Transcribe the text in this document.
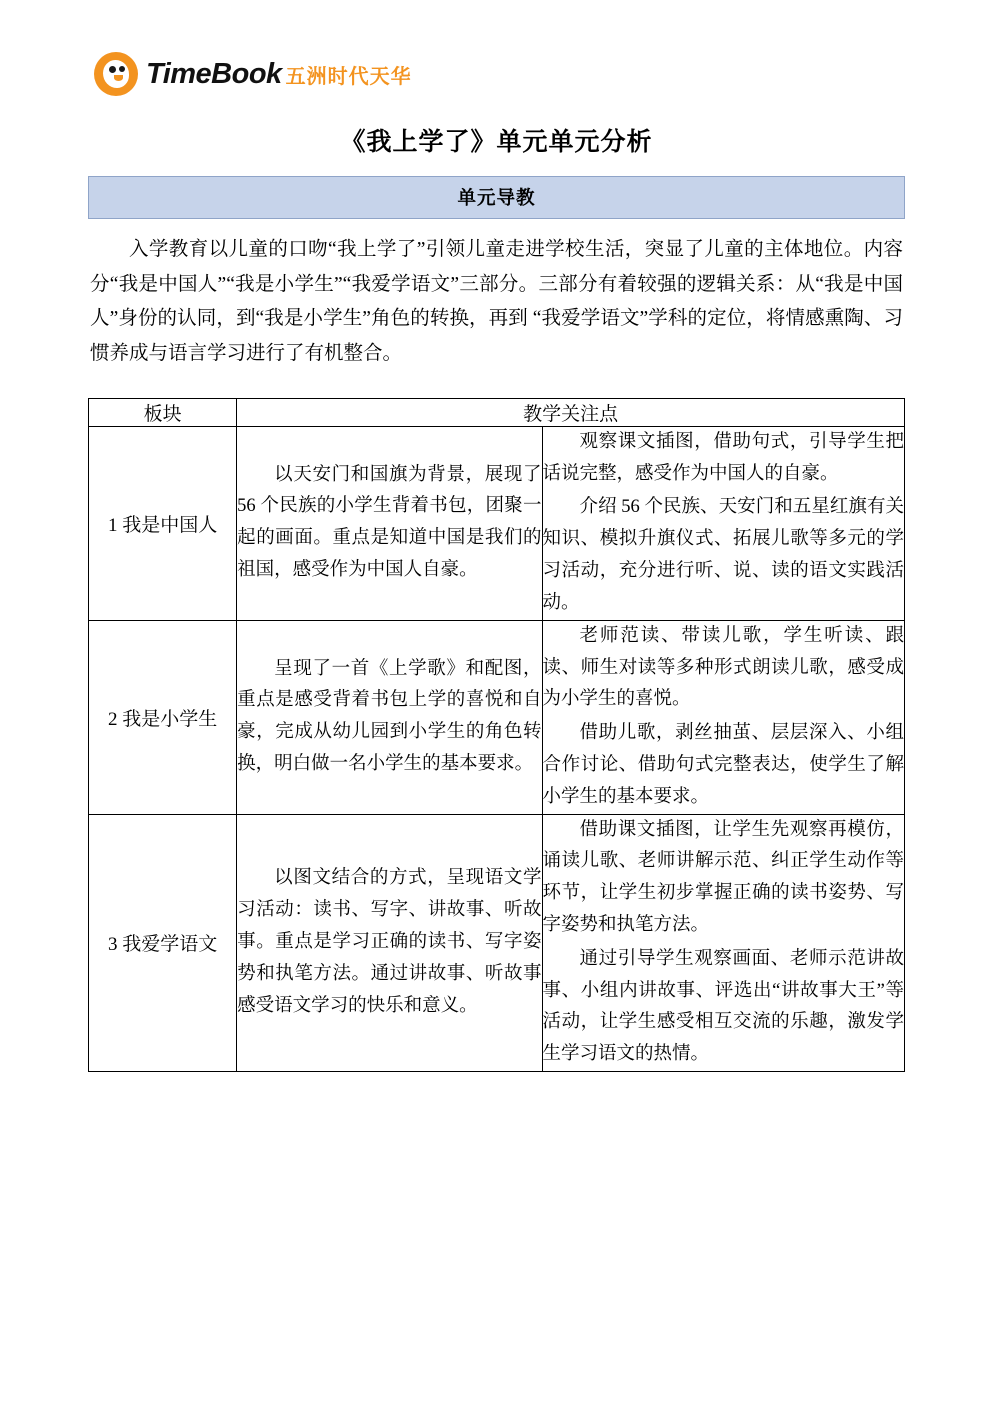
TimeBook 五洲时代天华
《我上学了》单元单元分析
单元导教
入学教育以儿童的口吻“我上学了”引领儿童走进学校生活，突显了儿童的主体地位。内容分“我是中国人”“我是小学生”“我爱学语文”三部分。三部分有着较强的逻辑关系：从“我是中国人”身份的认同，到“我是小学生”角色的转换，再到 “我爱学语文”学科的定位，将情感熏陶、习惯养成与语言学习进行了有机整合。
板块	教学关注点	
1 我是中国人	以天安门和国旗为背景，展现了 56 个民族的小学生背着书包，团聚一起的画面。重点是知道中国是我们的祖国，感受作为中国人自豪。	观察课文插图，借助句式，引导学生把话说完整，感受作为中国人的自豪。

介绍 56 个民族、天安门和五星红旗有关知识、模拟升旗仪式、拓展儿歌等多元的学习活动，充分进行听、说、读的语文实践活动。

2 我是小学生	呈现了一首《上学歌》和配图，重点是感受背着书包上学的喜悦和自豪，完成从幼儿园到小学生的角色转换，明白做一名小学生的基本要求。	老师范读、带读儿歌，学生听读、跟读、师生对读等多种形式朗读儿歌，感受成为小学生的喜悦。

借助儿歌，剥丝抽茧、层层深入、小组合作讨论、借助句式完整表达，使学生了解小学生的基本要求。

3 我爱学语文	以图文结合的方式，呈现语文学习活动：读书、写字、讲故事、听故事。重点是学习正确的读书、写字姿势和执笔方法。通过讲故事、听故事感受语文学习的快乐和意义。	借助课文插图，让学生先观察再模仿，诵读儿歌、老师讲解示范、纠正学生动作等环节，让学生初步掌握正确的读书姿势、写字姿势和执笔方法。

通过引导学生观察画面、老师示范讲故事、小组内讲故事、评选出“讲故事大王”等活动，让学生感受相互交流的乐趣，激发学生学习语文的热情。
